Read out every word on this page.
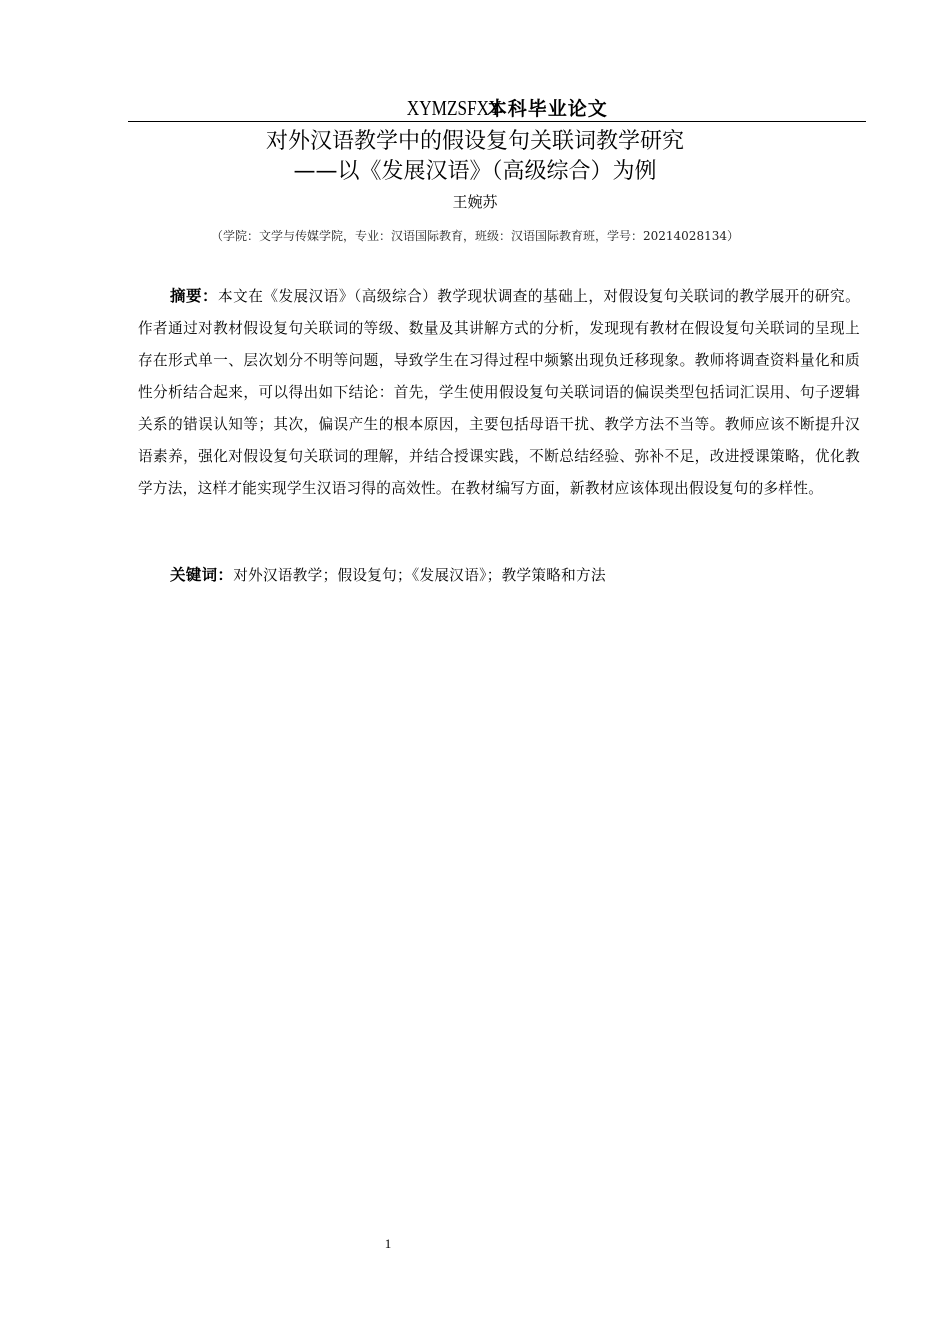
XYMZSFXY本科毕业论文
对外汉语教学中的假设复句关联词教学研究
——以《发展汉语》（高级综合）为例
王婉苏
（学院：文学与传媒学院，专业：汉语国际教育，班级：汉语国际教育班，学号：20214028134）
摘要：本文在《发展汉语》（高级综合）教学现状调查的基础上，对假设复句关联词的教学展开的研究。作者通过对教材假设复句关联词的等级、数量及其讲解方式的分析，发现现有教材在假设复句关联词的呈现上存在形式单一、层次划分不明等问题，导致学生在习得过程中频繁出现负迁移现象。教师将调查资料量化和质性分析结合起来，可以得出如下结论：首先，学生使用假设复句关联词语的偏误类型包括词汇误用、句子逻辑关系的错误认知等；其次，偏误产生的根本原因，主要包括母语干扰、教学方法不当等。教师应该不断提升汉语素养，强化对假设复句关联词的理解，并结合授课实践，不断总结经验、弥补不足，改进授课策略，优化教学方法，这样才能实现学生汉语习得的高效性。在教材编写方面，新教材应该体现出假设复句的多样性。
关键词：对外汉语教学；假设复句；《发展汉语》；教学策略和方法
1
